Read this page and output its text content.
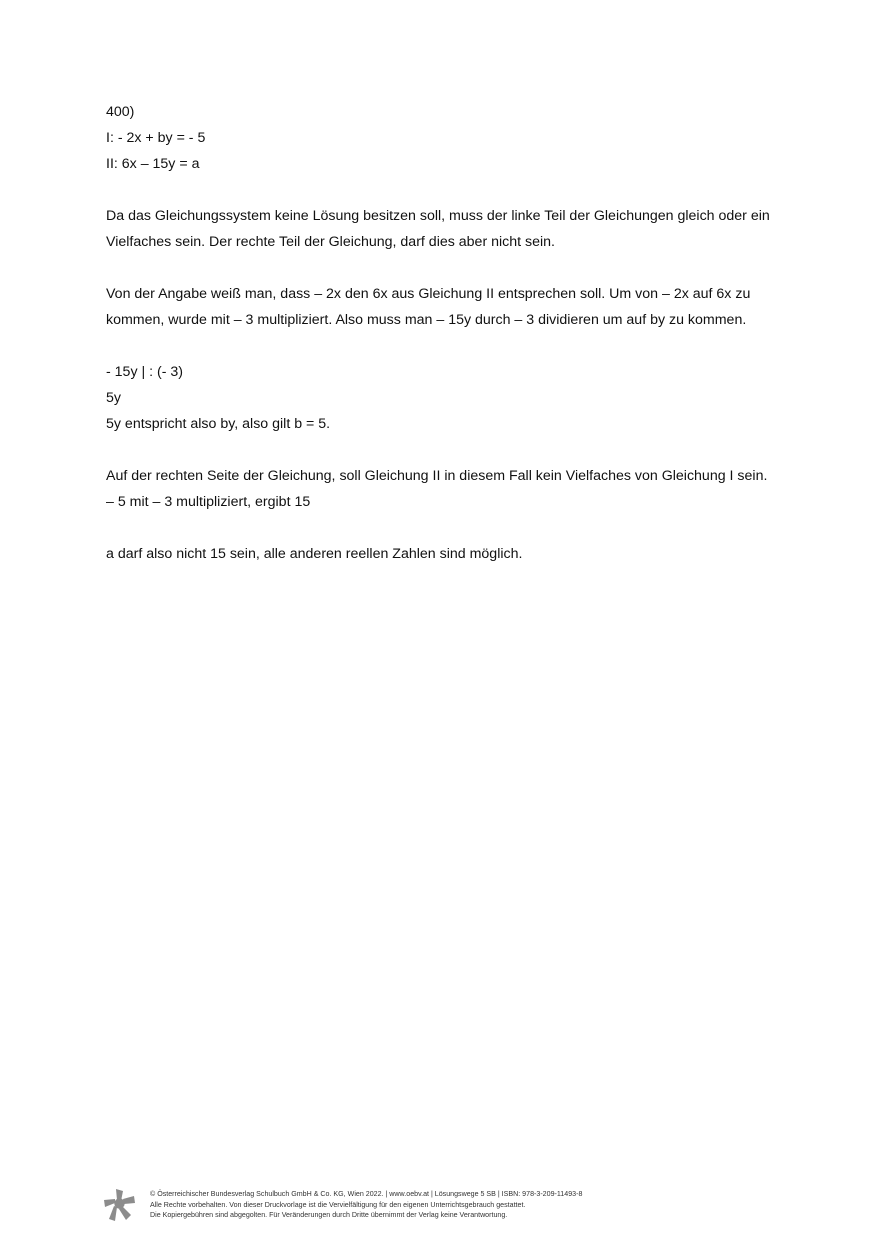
400)
I: - 2x + by = - 5
II: 6x – 15y = a
Da das Gleichungssystem keine Lösung besitzen soll, muss der linke Teil der Gleichungen gleich oder ein
Vielfaches sein. Der rechte Teil der Gleichung, darf dies aber nicht sein.
Von der Angabe weiß man, dass – 2x den 6x aus Gleichung II entsprechen soll. Um von – 2x auf 6x zu
kommen, wurde mit – 3 multipliziert. Also muss man – 15y durch – 3 dividieren um auf by zu kommen.
- 15y | : (- 3)
5y
5y entspricht also by, also gilt b = 5.
Auf der rechten Seite der Gleichung, soll Gleichung II in diesem Fall kein Vielfaches von Gleichung I sein.
– 5 mit – 3 multipliziert, ergibt 15
a darf also nicht 15 sein, alle anderen reellen Zahlen sind möglich.
© Österreichischer Bundesverlag Schulbuch GmbH & Co. KG, Wien 2022. | www.oebv.at | Lösungswege 5 SB | ISBN: 978-3-209-11493-8
Alle Rechte vorbehalten. Von dieser Druckvorlage ist die Vervielfältigung für den eigenen Unterrichtsgebrauch gestattet.
Die Kopiergebühren sind abgegolten. Für Veränderungen durch Dritte übernimmt der Verlag keine Verantwortung.
